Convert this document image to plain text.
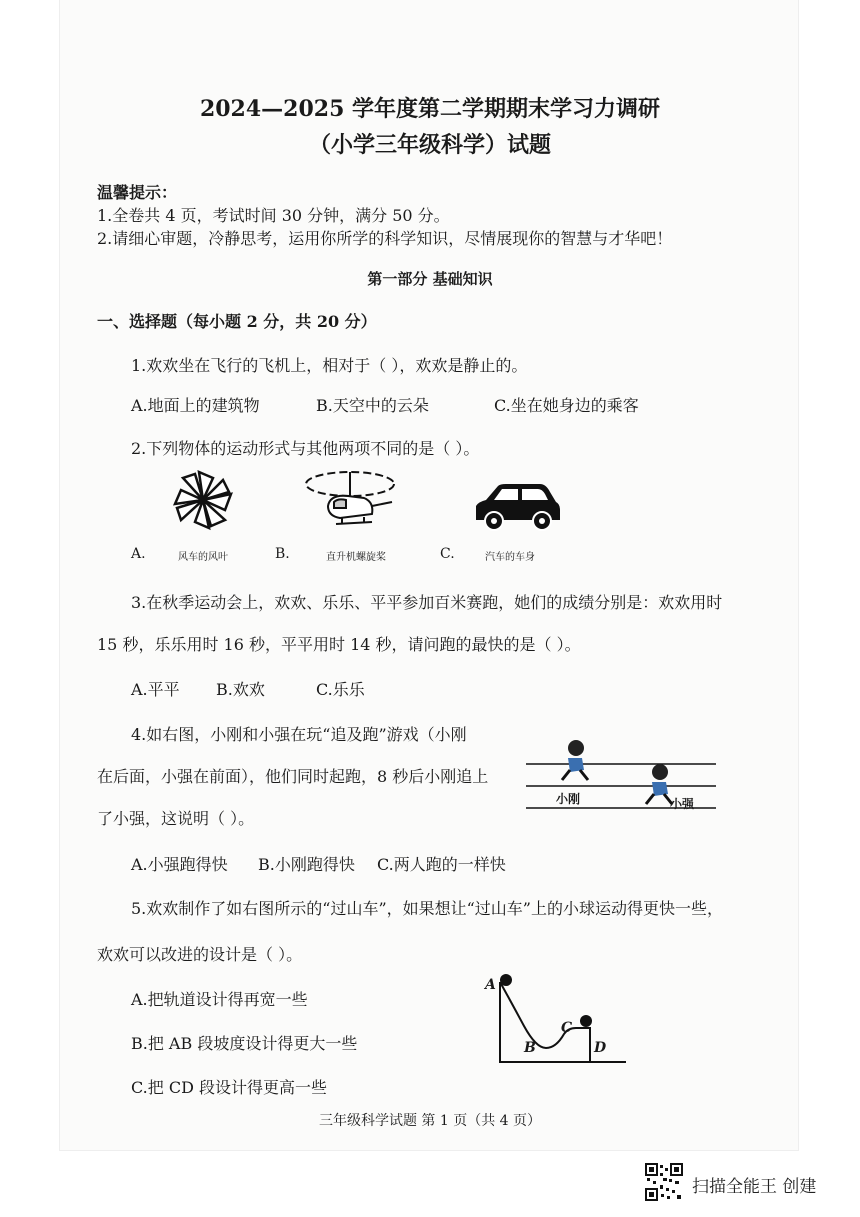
2024—2025 学年度第二学期期末学习力调研
（小学三年级科学）试题
温馨提示：
1.全卷共 4 页，考试时间 30 分钟，满分 50 分。
2.请细心审题，冷静思考，运用你所学的科学知识，尽情展现你的智慧与才华吧！
第一部分 基础知识
一、选择题（每小题 2 分，共 20 分）
1.欢欢坐在飞行的飞机上，相对于（ ），欢欢是静止的。
A.地面上的建筑物	B.天空中的云朵	C.坐在她身边的乘客
2.下列物体的运动形式与其他两项不同的是（ ）。
A.	风车的风叶	B.	直升机螺旋桨	C.	汽车的车身
3.在秋季运动会上，欢欢、乐乐、平平参加百米赛跑，她们的成绩分别是：欢欢用时
15 秒，乐乐用时 16 秒，平平用时 14 秒，请问跑的最快的是（ ）。
A.平平 B.欢欢	C.乐乐
4.如右图，小刚和小强在玩“追及跑”游戏（小刚
在后面，小强在前面），他们同时起跑，8 秒后小刚追上
了小强，这说明（ ）。
小刚	小强
A.小强跑得快 B.小刚跑得快 C.两人跑的一样快
5.欢欢制作了如右图所示的“过山车”，如果想让“过山车”上的小球运动得更快一些，
欢欢可以改进的设计是（ ）。
A.把轨道设计得再宽一些
B.把 AB 段坡度设计得更大一些
C.把 CD 段设计得更高一些
A
B
C
D
三年级科学试题 第 1 页（共 4 页）
扫描全能王 创建
